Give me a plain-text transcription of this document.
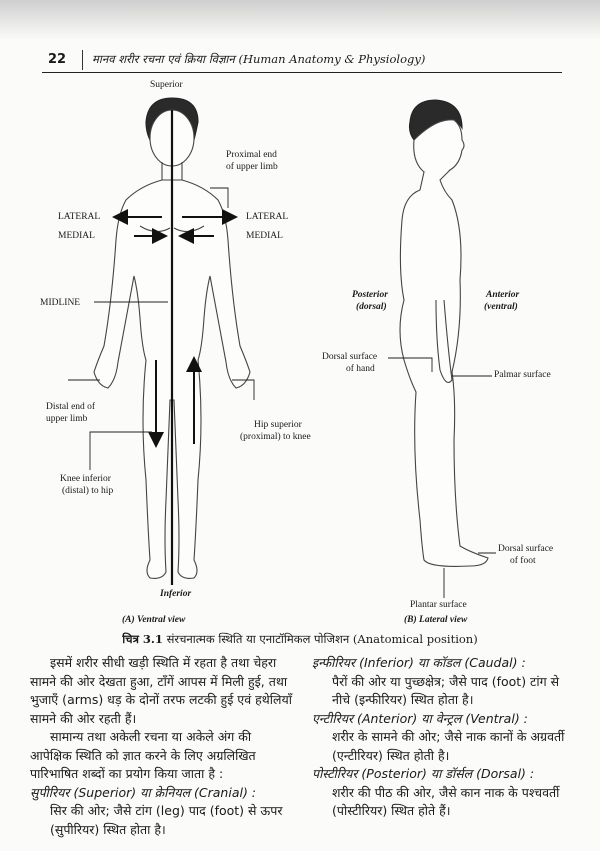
22 मानव शरीर रचना एवं क्रिया विज्ञान (Human Anatomy & Physiology)
Superior
Proximal end
of upper limb
LATERAL
MEDIAL
LATERAL
MEDIAL
MIDLINE
Distal end of
upper limb
Hip superior
(proximal) to knee
Knee inferior
(distal) to hip
Inferior
Posterior
(dorsal)
Anterior
(ventral)
Dorsal surface
of hand
Palmar surface
Dorsal surface
of foot
Plantar surface
(A) Ventral view	(B) Lateral view
चित्र 3.1 संरचनात्मक स्थिति या एनाटॉमिकल पोजिशन (Anatomical position)

इसमें शरीर सीधी खड़ी स्थिति में रहता है तथा चेहरा सामने की ओर देखता हुआ, टाँगें आपस में मिली हुई, तथा भुजाएँ (arms) धड़ के दोनों तरफ लटकी हुई एवं हथेलियाँ सामने की ओर रहती हैं।

सामान्य तथा अकेली रचना या अकेले अंग की आपेक्षिक स्थिति को ज्ञात करने के लिए अग्रलिखित पारिभाषित शब्दों का प्रयोग किया जाता है :

सुपीरियर (Superior) या क्रेनियल (Cranial) :

सिर की ओर; जैसे टांग (leg) पाद (foot) से ऊपर (सुपीरियर) स्थित होता है।

इन्फीरियर (Inferior) या कॉडल (Caudal) :

पैरों की ओर या पुच्छक्षेत्र; जैसे पाद (foot) टांग से नीचे (इन्फीरियर) स्थित होता है।

एन्टीरियर (Anterior) या वेन्ट्रल (Ventral) :

शरीर के सामने की ओर; जैसे नाक कानों के अग्रवर्ती (एन्टीरियर) स्थित होती है।

पोस्टीरियर (Posterior) या डॉर्सल (Dorsal) :

शरीर की पीठ की ओर, जैसे कान नाक के पश्चवर्ती (पोस्टीरियर) स्थित होते हैं।
